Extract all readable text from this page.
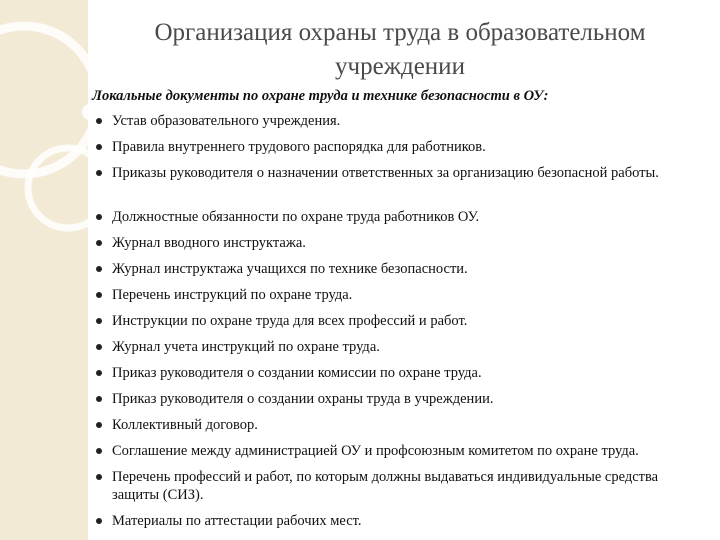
Организация охраны труда в образовательном
учреждении
Локальные документы по охране труда и технике безопасности в ОУ:
Устав образовательного учреждения.
Правила внутреннего трудового распорядка для работников.
Приказы руководителя о назначении ответственных за организацию безопасной работы.
Должностные обязанности по охране труда работников ОУ.
Журнал вводного инструктажа.
Журнал инструктажа учащихся по технике безопасности.
Перечень инструкций по охране труда.
Инструкции по охране труда для всех профессий и работ.
Журнал учета инструкций по охране труда.
Приказ руководителя о создании комиссии по охране труда.
Приказ руководителя о создании охраны труда в учреждении.
Коллективный договор.
Соглашение между администрацией ОУ и профсоюзным комитетом по охране труда.
Перечень профессий и работ, по которым должны выдаваться индивидуальные средства защиты (СИЗ).
Материалы по аттестации рабочих мест.
